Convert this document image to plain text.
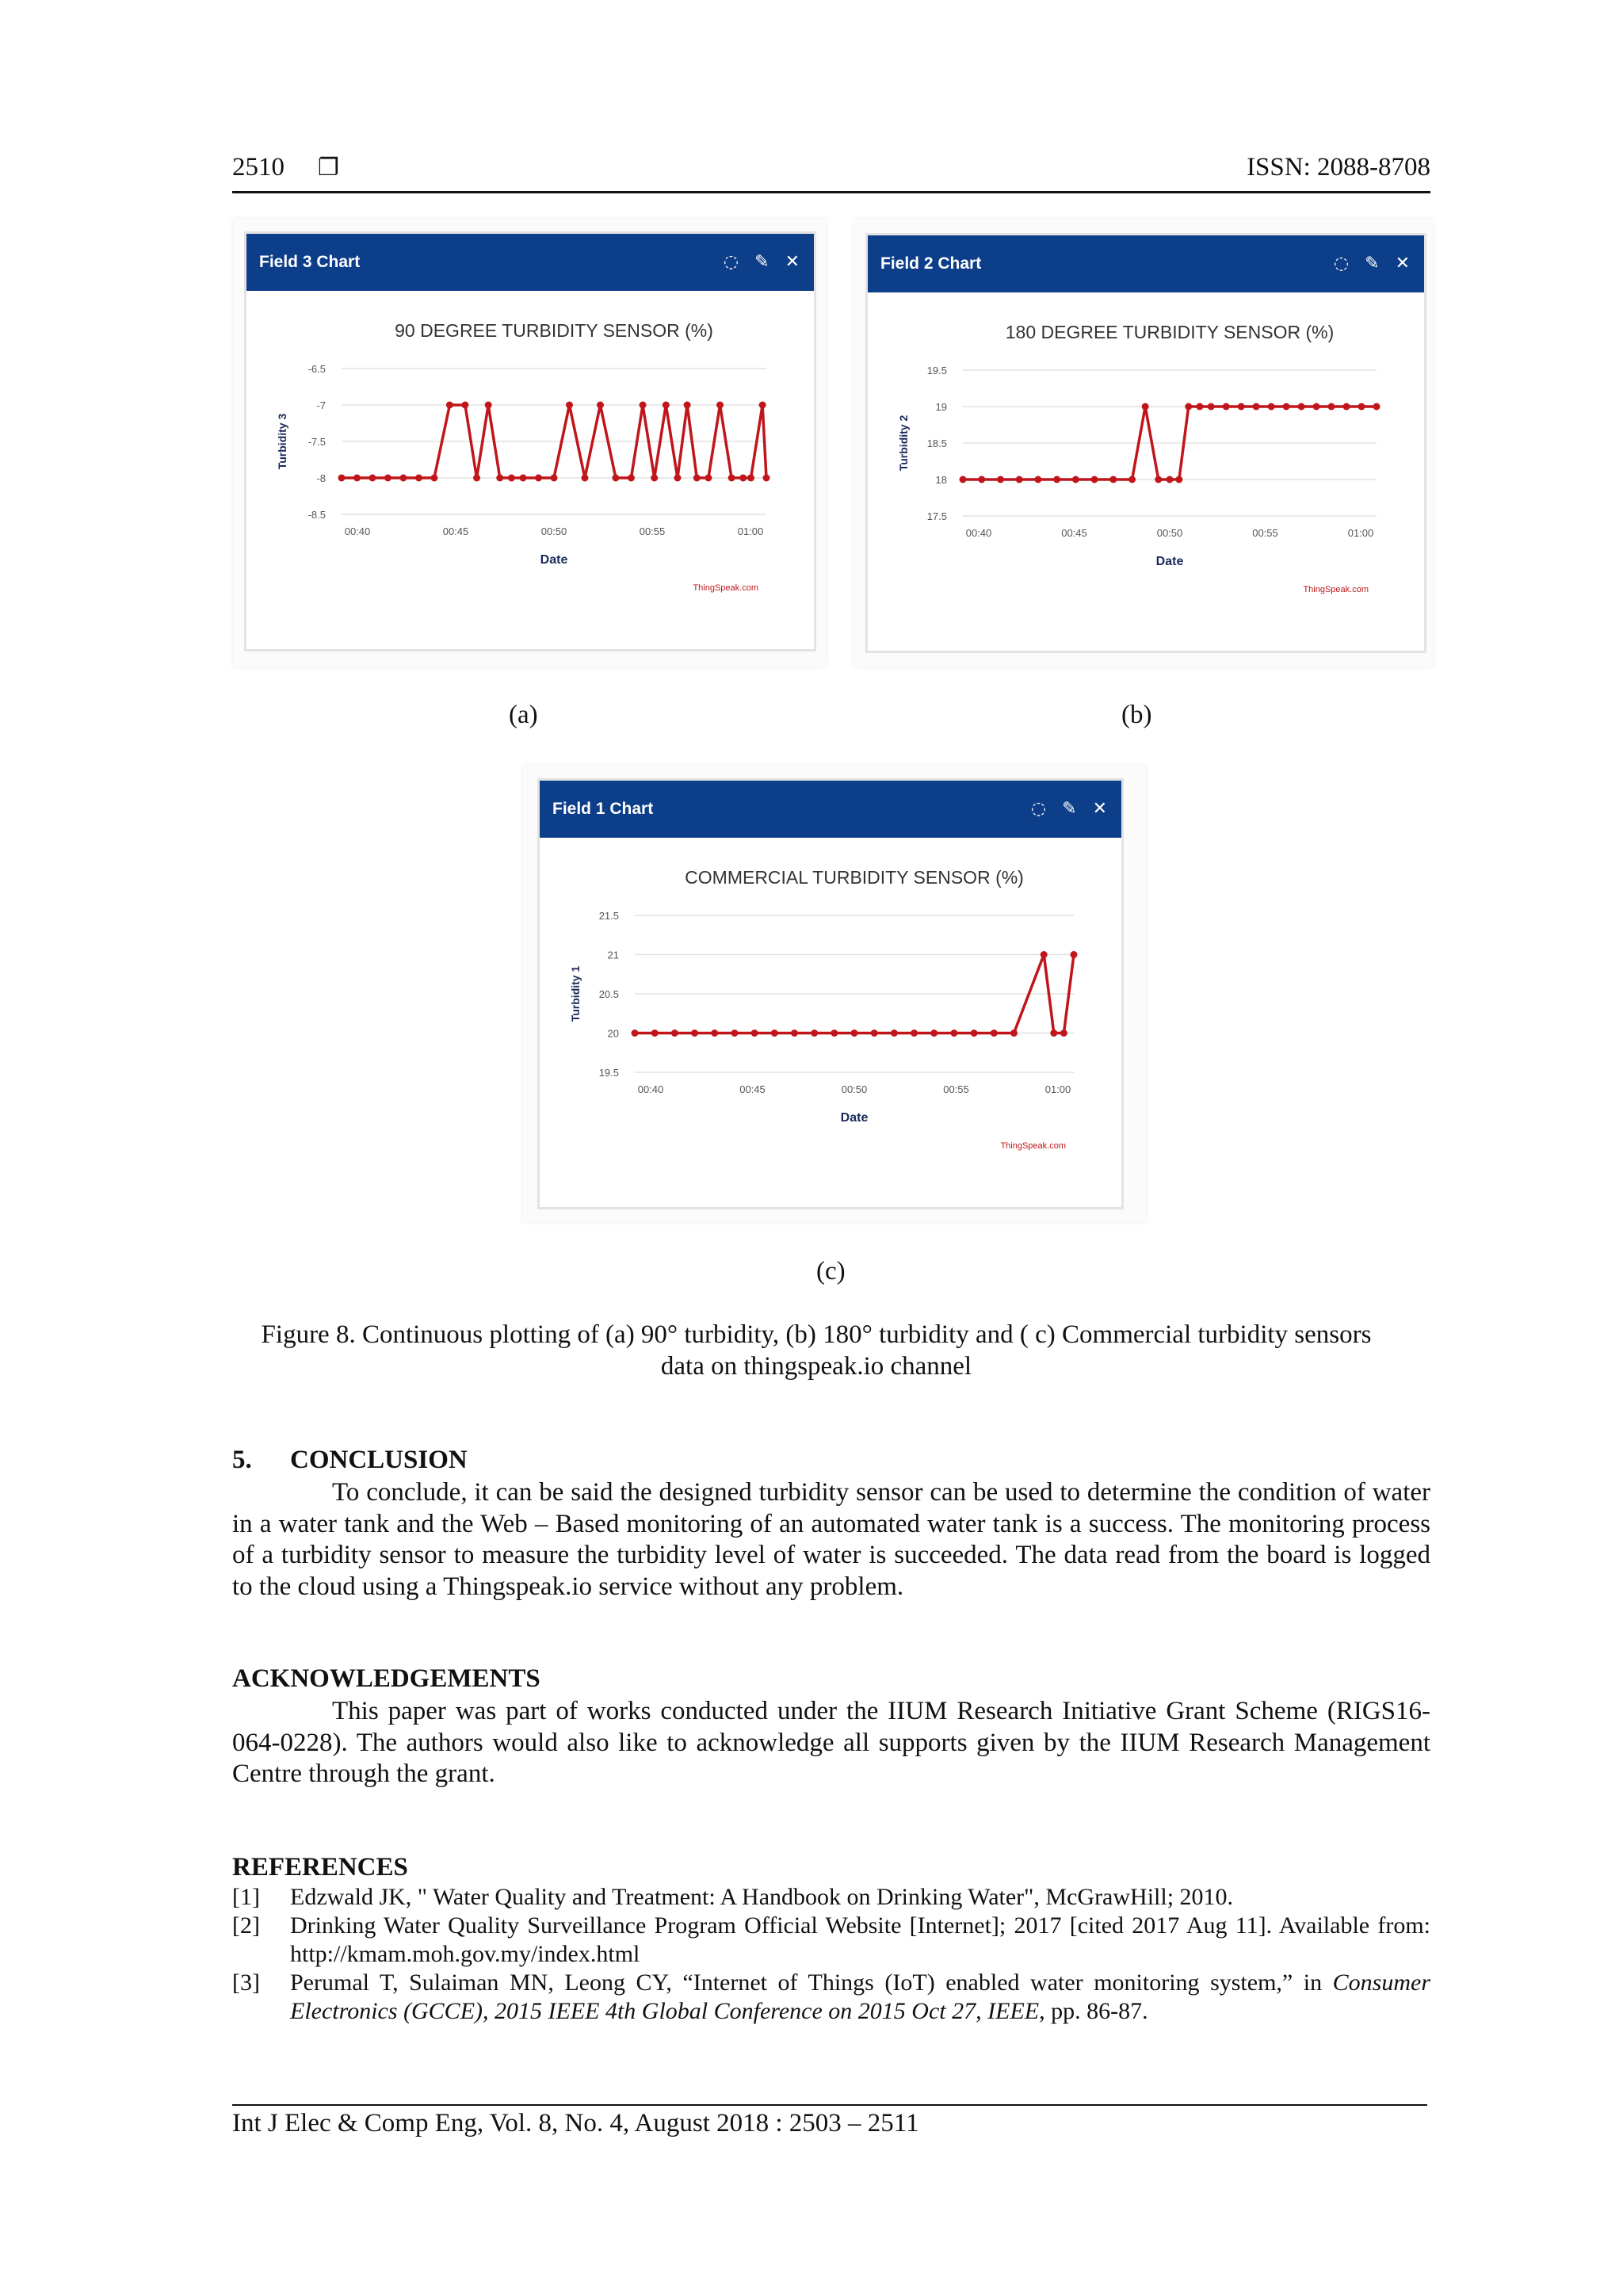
2510 ❐	ISSN: 2088-8708
Field 3 Chart	◌ ✎ ✕
90 DEGREE TURBIDITY SENSOR (%)
-6.5
-7
-7.5
-8
-8.5
00:40	00:45	00:50	00:55	01:00
Date
Turbidity 3
ThingSpeak.com
(a)
Field 2 Chart	◌ ✎ ✕
180 DEGREE TURBIDITY SENSOR (%)
19.5
19
18.5
18
17.5
00:40	00:45	00:50	00:55	01:00
Date
Turbidity 2
ThingSpeak.com
(b)
Field 1 Chart	◌ ✎ ✕
COMMERCIAL TURBIDITY SENSOR (%)
21.5
21
20.5
20
19.5
00:40	00:45	00:50	00:55	01:00
Date
Turbidity 1
ThingSpeak.com
(c)
Figure 8. Continuous plotting of (a) 90° turbidity, (b) 180° turbidity and ( c) Commercial turbidity sensors data on thingspeak.io channel
5. CONCLUSION
To conclude, it can be said the designed turbidity sensor can be used to determine the condition of water in a water tank and the Web – Based monitoring of an automated water tank is a success. The monitoring process of a turbidity sensor to measure the turbidity level of water is succeeded. The data read from the board is logged to the cloud using a Thingspeak.io service without any problem.
ACKNOWLEDGEMENTS
This paper was part of works conducted under the IIUM Research Initiative Grant Scheme (RIGS16-064-0228). The authors would also like to acknowledge all supports given by the IIUM Research Management Centre through the grant.
REFERENCES
[1]	Edzwald JK, " Water Quality and Treatment: A Handbook on Drinking Water", McGrawHill; 2010.
[2]	Drinking Water Quality Surveillance Program Official Website [Internet]; 2017 [cited 2017 Aug 11]. Available from: http://kmam.moh.gov.my/index.html
[3]	Perumal T, Sulaiman MN, Leong CY, “Internet of Things (IoT) enabled water monitoring system,” in Consumer Electronics (GCCE), 2015 IEEE 4th Global Conference on 2015 Oct 27, IEEE, pp. 86-87.
Int J Elec & Comp Eng, Vol. 8, No. 4, August 2018 : 2503 – 2511
